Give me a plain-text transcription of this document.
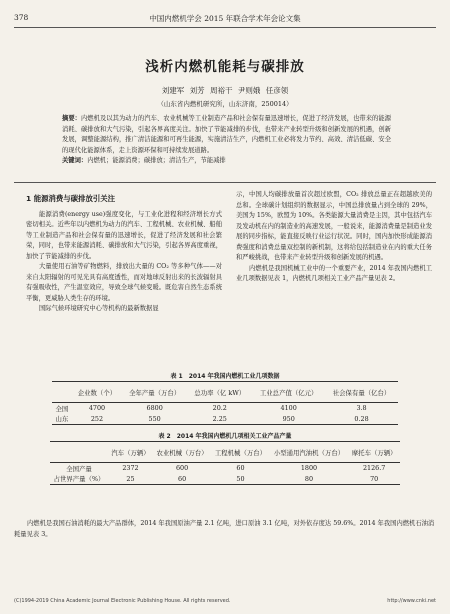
378	中国内燃机学会 2015 年联合学术年会论文集
浅析内燃机能耗与碳排放
刘建军 刘芳 周裕干 尹则娥 任彦领
（山东省内燃机研究所，山东济南，250014）
摘要：内燃机及以其为动力的汽车、农业机械等工业制造产品和社会保有量迅速增长，促进了经济发展，也带来的能源消耗、碳排放和大气污染，引起各界高度关注。加快了节能减排的步伐，也带来产业转型升级和创新发展的机遇，创新发展，调整能源结构，推广清洁能源和可再生能源，实施清洁生产，内燃机工业必将发力节约、高效、清洁低碳、安全的现代化能源体系，走上资源环保和可持续发展道路。
关键词：内燃机；能源消费；碳排放；清洁生产，节能减排
1 能源消费与碳排放引关注

能源消费(energy use)强度变化，与工业化进程和经济增长方式密切相关。近些年以内燃机为动力的汽车、工程机械、农业机械、船舶等工业制造产品和社会保有量的迅速增长，促进了经济发展和社会繁荣，同时，也带来能源消耗、碳排放和大气污染，引起各界高度重视，加快了节能减排的步伐。

大量使用石油等矿物燃料，排放出大量的 CO₂ 等多种气体——对来自太阳辐射的可见光具有高度透性，而对地球反射出来的长波辐射具有强吸收性，产生温室效应，导致全球气候变暖。既危害自然生态系统平衡，更威胁人类生存的环境。

国际气候环境研究中心等机构的最新数据显

示，中国人均碳排放量首次超过欧盟，CO₂ 排放总量正在超越欧美的总和。全球碳计划组织的数据显示，中国总排放量占到全球的 29%，美国为 15%，欧盟为 10%。各类能源大量消费是主因，其中包括汽车及发动机在内的制造业的高速发展，一般说来，能源消费量是制造业发展的同步指标，能直接反映行业运行状况。同时，国内加快形成能源消费强度和消费总量双控制的新机制，这将给包括制造业在内的重大任务和严峻挑战，也带来产业转型升级和创新发展的机遇。

内燃机是我国机械工业中的一个重要产业，2014 年我国内燃机工业几项数据见表 1，内燃机几项相关工业产品产量见表 2。

表 1　2014 年我国内燃机工业几项数据
	企业数（个）	全年产量（万台）	总功率（亿 kW）	工业总产值（亿元）	社会保有量（亿台）
全国	4700	6800	20.2	4100	3.8
山东	252	550	2.25	950	0.28
表 2　2014 年我国内燃机几项相关工业产品产量
	汽车（万辆）	农业机械（万台）	工程机械（万台）	小型通用汽油机（万台）	摩托车（万辆）
全国产量	2372	600	60	1800	2126.7
占世界产量（%）	25	60	50	80	70

内燃机是我国石油消耗的最大产品群体，2014 年我国原油产量 2.1 亿吨，进口原油 3.1 亿吨，对外依存度达 59.6%。2014 年我国内燃机石油消耗量见表 3。

(C)1994-2019 China Academic Journal Electronic Publishing House. All rights reserved.	http://www.cnki.net
